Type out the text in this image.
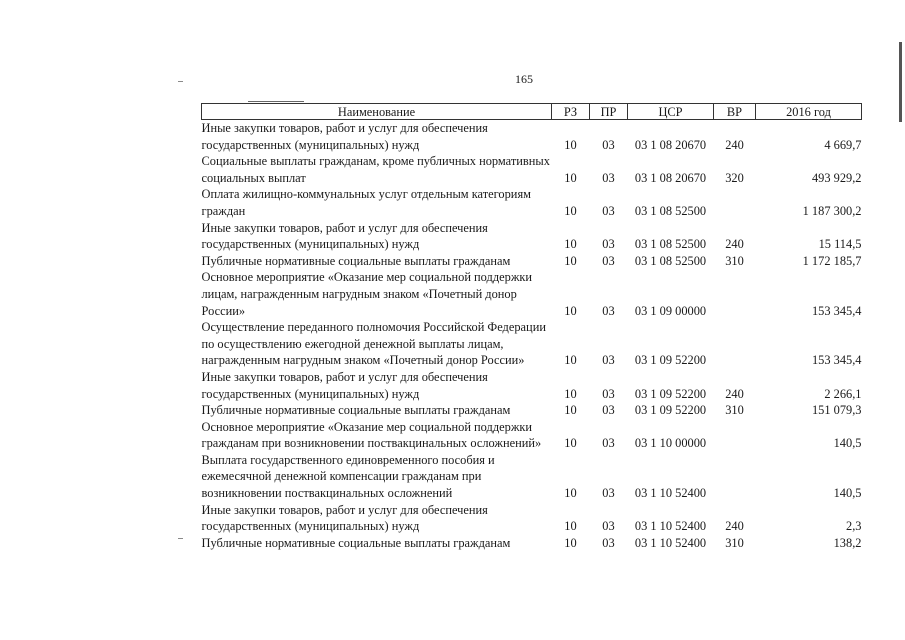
165
Наименование	РЗ	ПР	ЦСР	ВР	2016 год
Иные закупки товаров, работ и услуг для обеспечения государственных (муниципальных) нужд	10	03	03 1 08 20670	240	4 669,7
Социальные выплаты гражданам, кроме публичных нормативных социальных выплат	10	03	03 1 08 20670	320	493 929,2
Оплата жилищно-коммунальных услуг отдельным категориям граждан	10	03	03 1 08 52500		1 187 300,2
Иные закупки товаров, работ и услуг для обеспечения государственных (муниципальных) нужд	10	03	03 1 08 52500	240	15 114,5
Публичные нормативные социальные выплаты гражданам	10	03	03 1 08 52500	310	1 172 185,7
Основное мероприятие «Оказание мер социальной поддержки лицам, награжденным нагрудным знаком «Почетный донор России»	10	03	03 1 09 00000		153 345,4
Осуществление переданного полномочия Российской Федерации по осуществлению ежегодной денежной выплаты лицам, награжденным нагрудным знаком «Почетный донор России»	10	03	03 1 09 52200		153 345,4
Иные закупки товаров, работ и услуг для обеспечения государственных (муниципальных) нужд	10	03	03 1 09 52200	240	2 266,1
Публичные нормативные социальные выплаты гражданам	10	03	03 1 09 52200	310	151 079,3
Основное мероприятие «Оказание мер социальной поддержки гражданам при возникновении поствакцинальных осложнений»	10	03	03 1 10 00000		140,5
Выплата государственного единовременного пособия и ежемесячной денежной компенсации гражданам при возникновении поствакцинальных осложнений	10	03	03 1 10 52400		140,5
Иные закупки товаров, работ и услуг для обеспечения государственных (муниципальных) нужд	10	03	03 1 10 52400	240	2,3
Публичные нормативные социальные выплаты гражданам	10	03	03 1 10 52400	310	138,2
